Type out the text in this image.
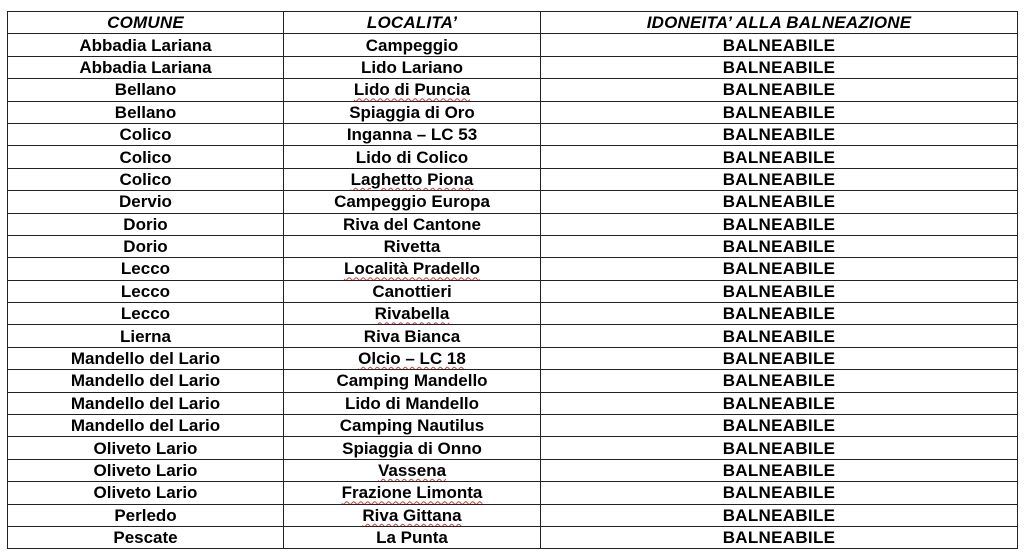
COMUNE	LOCALITA’	IDONEITA’ ALLA BALNEAZIONE
Abbadia Lariana	Campeggio	BALNEABILE
Abbadia Lariana	Lido Lariano	BALNEABILE
Bellano	Lido di Puncia	BALNEABILE
Bellano	Spiaggia di Oro	BALNEABILE
Colico	Inganna – LC 53	BALNEABILE
Colico	Lido di Colico	BALNEABILE
Colico	Laghetto Piona	BALNEABILE
Dervio	Campeggio Europa	BALNEABILE
Dorio	Riva del Cantone	BALNEABILE
Dorio	Rivetta	BALNEABILE
Lecco	Località Pradello	BALNEABILE
Lecco	Canottieri	BALNEABILE
Lecco	Rivabella	BALNEABILE
Lierna	Riva Bianca	BALNEABILE
Mandello del Lario	Olcio – LC 18	BALNEABILE
Mandello del Lario	Camping Mandello	BALNEABILE
Mandello del Lario	Lido di Mandello	BALNEABILE
Mandello del Lario	Camping Nautilus	BALNEABILE
Oliveto Lario	Spiaggia di Onno	BALNEABILE
Oliveto Lario	Vassena	BALNEABILE
Oliveto Lario	Frazione Limonta	BALNEABILE
Perledo	Riva Gittana	BALNEABILE
Pescate	La Punta	BALNEABILE
